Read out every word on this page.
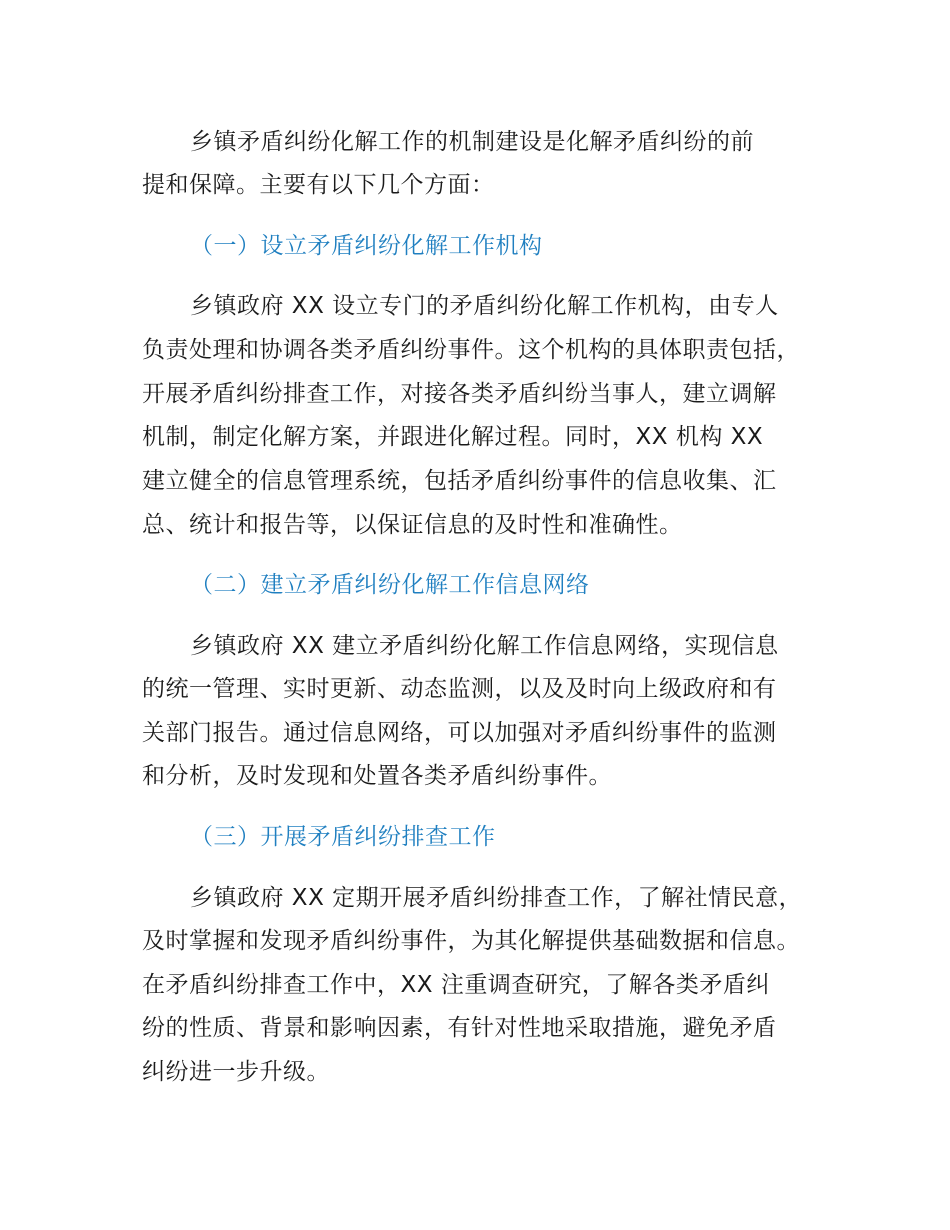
乡镇矛盾纠纷化解工作的机制建设是化解矛盾纠纷的前
提和保障。主要有以下几个方面：
（一）设立矛盾纠纷化解工作机构
乡镇政府 XX 设立专门的矛盾纠纷化解工作机构，由专人
负责处理和协调各类矛盾纠纷事件。这个机构的具体职责包括，
开展矛盾纠纷排查工作，对接各类矛盾纠纷当事人，建立调解
机制，制定化解方案，并跟进化解过程。同时，XX 机构 XX
建立健全的信息管理系统，包括矛盾纠纷事件的信息收集、汇
总、统计和报告等，以保证信息的及时性和准确性。
（二）建立矛盾纠纷化解工作信息网络
乡镇政府 XX 建立矛盾纠纷化解工作信息网络，实现信息
的统一管理、实时更新、动态监测，以及及时向上级政府和有
关部门报告。通过信息网络，可以加强对矛盾纠纷事件的监测
和分析，及时发现和处置各类矛盾纠纷事件。
（三）开展矛盾纠纷排查工作
乡镇政府 XX 定期开展矛盾纠纷排查工作，了解社情民意，
及时掌握和发现矛盾纠纷事件，为其化解提供基础数据和信息。
在矛盾纠纷排查工作中，XX 注重调查研究，了解各类矛盾纠
纷的性质、背景和影响因素，有针对性地采取措施，避免矛盾
纠纷进一步升级。
